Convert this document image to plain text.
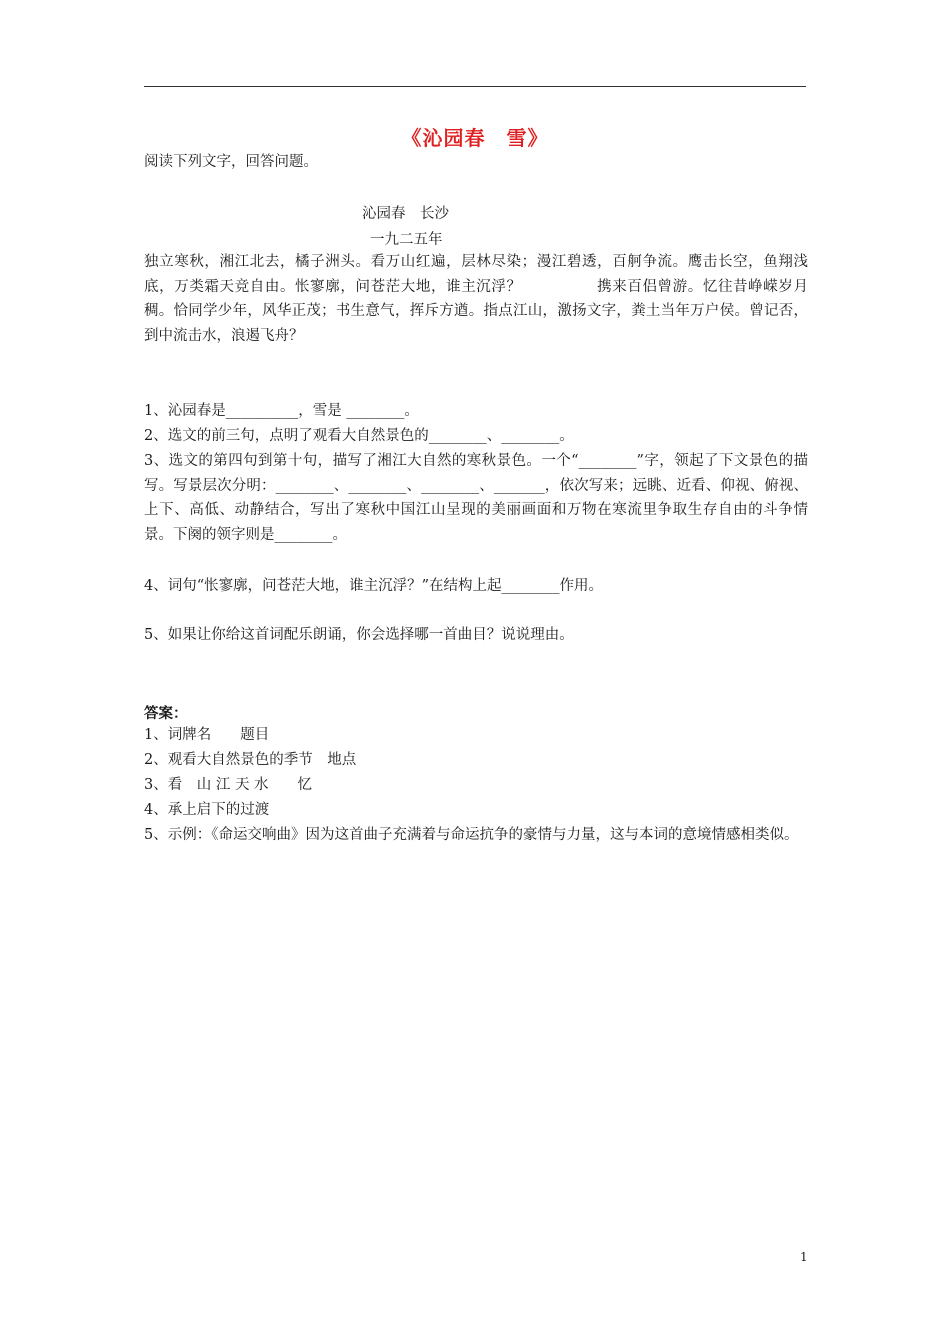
《沁园春　雪》
阅读下列文字，回答问题。
沁园春　长沙
一九二五年
独立寒秋，湘江北去，橘子洲头。看万山红遍，层林尽染；漫江碧透，百舸争流。鹰击长空，鱼翔浅底，万类霜天竞自由。怅寥廓，问苍茫大地，谁主沉浮？　　　　　携来百侣曾游。忆往昔峥嵘岁月稠。恰同学少年，风华正茂；书生意气，挥斥方遒。指点江山，激扬文字，粪土当年万户侯。曾记否，到中流击水，浪遏飞舟？
1、沁园春是__________，雪是 ________。
2、选文的前三句，点明了观看大自然景色的________、________。
3、选文的第四句到第十句，描写了湘江大自然的寒秋景色。一个“________”字，领起了下文景色的描写。写景层次分明：________、________、________、_______，依次写来；远眺、近看、仰视、俯视、上下、高低、动静结合，写出了寒秋中国江山呈现的美丽画面和万物在寒流里争取生存自由的斗争情景。下阕的领字则是________。
4、词句“怅寥廓，问苍茫大地，谁主沉浮？”在结构上起________作用。
5、如果让你给这首词配乐朗诵，你会选择哪一首曲目？说说理由。
答案：
1、词牌名　　题目
2、观看大自然景色的季节　地点
3、看　山 江 天 水　　忆
4、承上启下的过渡
5、示例：《命运交响曲》因为这首曲子充满着与命运抗争的豪情与力量，这与本词的意境情感相类似。
1
